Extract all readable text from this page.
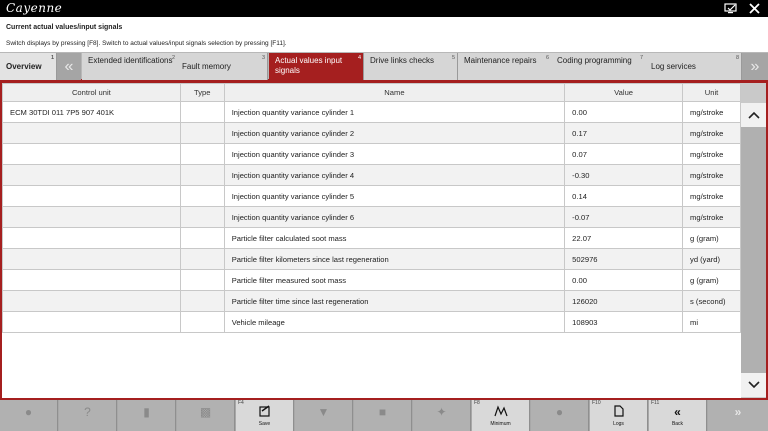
Cayenne
Current actual values/input signals
Switch displays by pressing [F8]. Switch to actual values/input signals selection by pressing [F11].
1
Overview	«	2
Extended identifications	3
Fault memory
4
Actual values input signals
5
Drive links checks	6
Maintenance repairs	7
Coding programming	8
Log services	»
Control unit	Type	Name	Value	Unit
ECM 30TDI 011 7P5 907 401K		Injection quantity variance cylinder 1	0.00	mg/stroke
		Injection quantity variance cylinder 2	0.17	mg/stroke
		Injection quantity variance cylinder 3	0.07	mg/stroke
		Injection quantity variance cylinder 4	-0.30	mg/stroke
		Injection quantity variance cylinder 5	0.14	mg/stroke
		Injection quantity variance cylinder 6	-0.07	mg/stroke
		Particle filter calculated soot mass	22.07	g (gram)
		Particle filter kilometers since last regeneration	502976	yd (yard)
		Particle filter measured soot mass	0.00	g (gram)
		Particle filter time since last regeneration	126020	s (second)
		Vehicle mileage	108903	mi
●	?	▮	▩
F4
Save
▼	■	✦
F8
Minimum
●
F10
Logs
F11
«
Back
»
